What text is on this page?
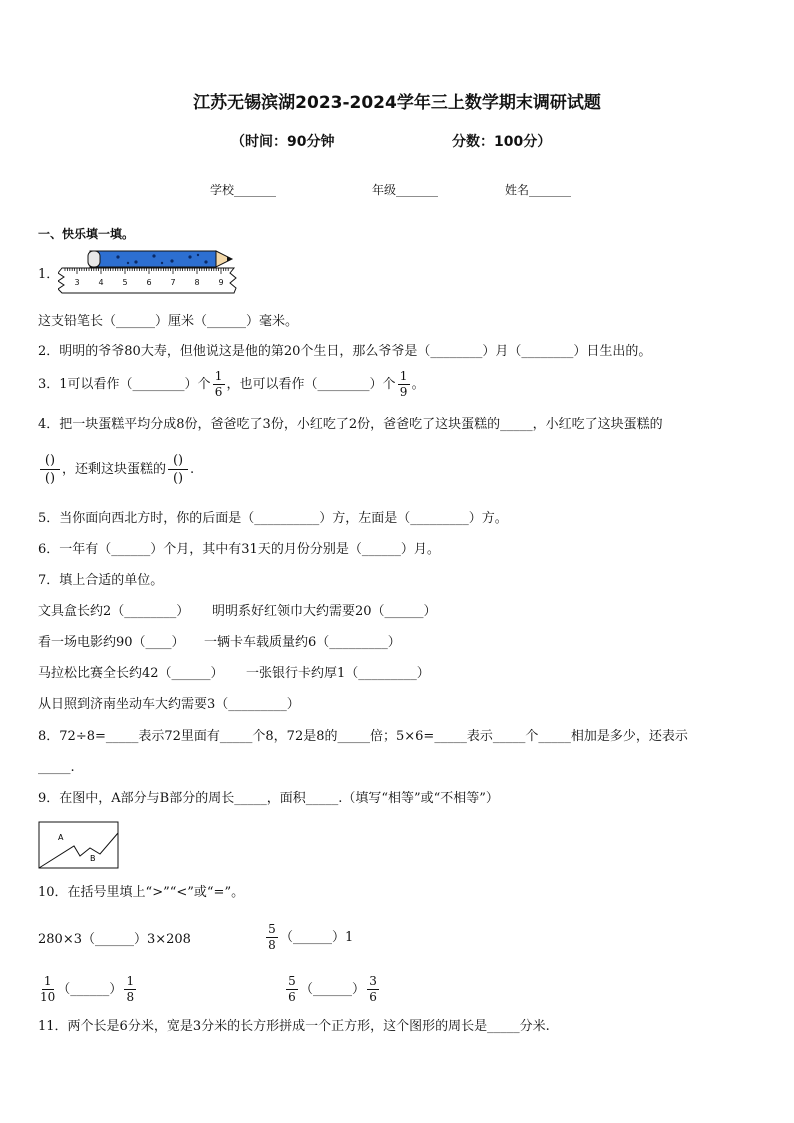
江苏无锡滨湖2023-2024学年三上数学期末调研试题
（时间：90分钟	分数：100分）
学校_______	年级_______	姓名_______
一、快乐填一填。
1．
3 4 5 6 7 8 9
这支铅笔长（______）厘米（______）毫米。
2．明明的爷爷80大寿，但他说这是他的第20个生日，那么爷爷是（________）月（________）日生出的。
3．1可以看作（________）个 $\frac{1}{6}$ ，也可以看作（________）个 $\frac{1}{9}$ 。
4．把一块蛋糕平均分成8份，爸爸吃了3份，小红吃了2份，爸爸吃了这块蛋糕的_____，小红吃了这块蛋糕的
$\frac{()}{()}$ ，还剩这块蛋糕的 $\frac{()}{()}$ .
5．当你面向西北方时，你的后面是（__________）方，左面是（_________）方。
6．一年有（______）个月，其中有31天的月份分别是（______）月。
7．填上合适的单位。
文具盒长约2（________） 明明系好红领巾大约需要20（______）
看一场电影约90（____） 一辆卡车载质量约6（_________）
马拉松比赛全长约42（______） 一张银行卡约厚1（_________）
从日照到济南坐动车大约需要3（_________）
8．72÷8=_____表示72里面有_____个8，72是8的_____倍；5×6=_____表示_____个_____相加是多少，还表示
_____.
9．在图中，A部分与B部分的周长_____，面积_____.（填写“相等”或“不相等”）
A
B
10．在括号里填上“>”“<”或“=”。
280×3（______）3×208	$\frac{5}{8}$ （______）1
$\frac{1}{10}$ （______） $\frac{1}{8}$	$\frac{5}{6}$ （______） $\frac{3}{6}$
11．两个长是6分米，宽是3分米的长方形拼成一个正方形，这个图形的周长是_____分米.
